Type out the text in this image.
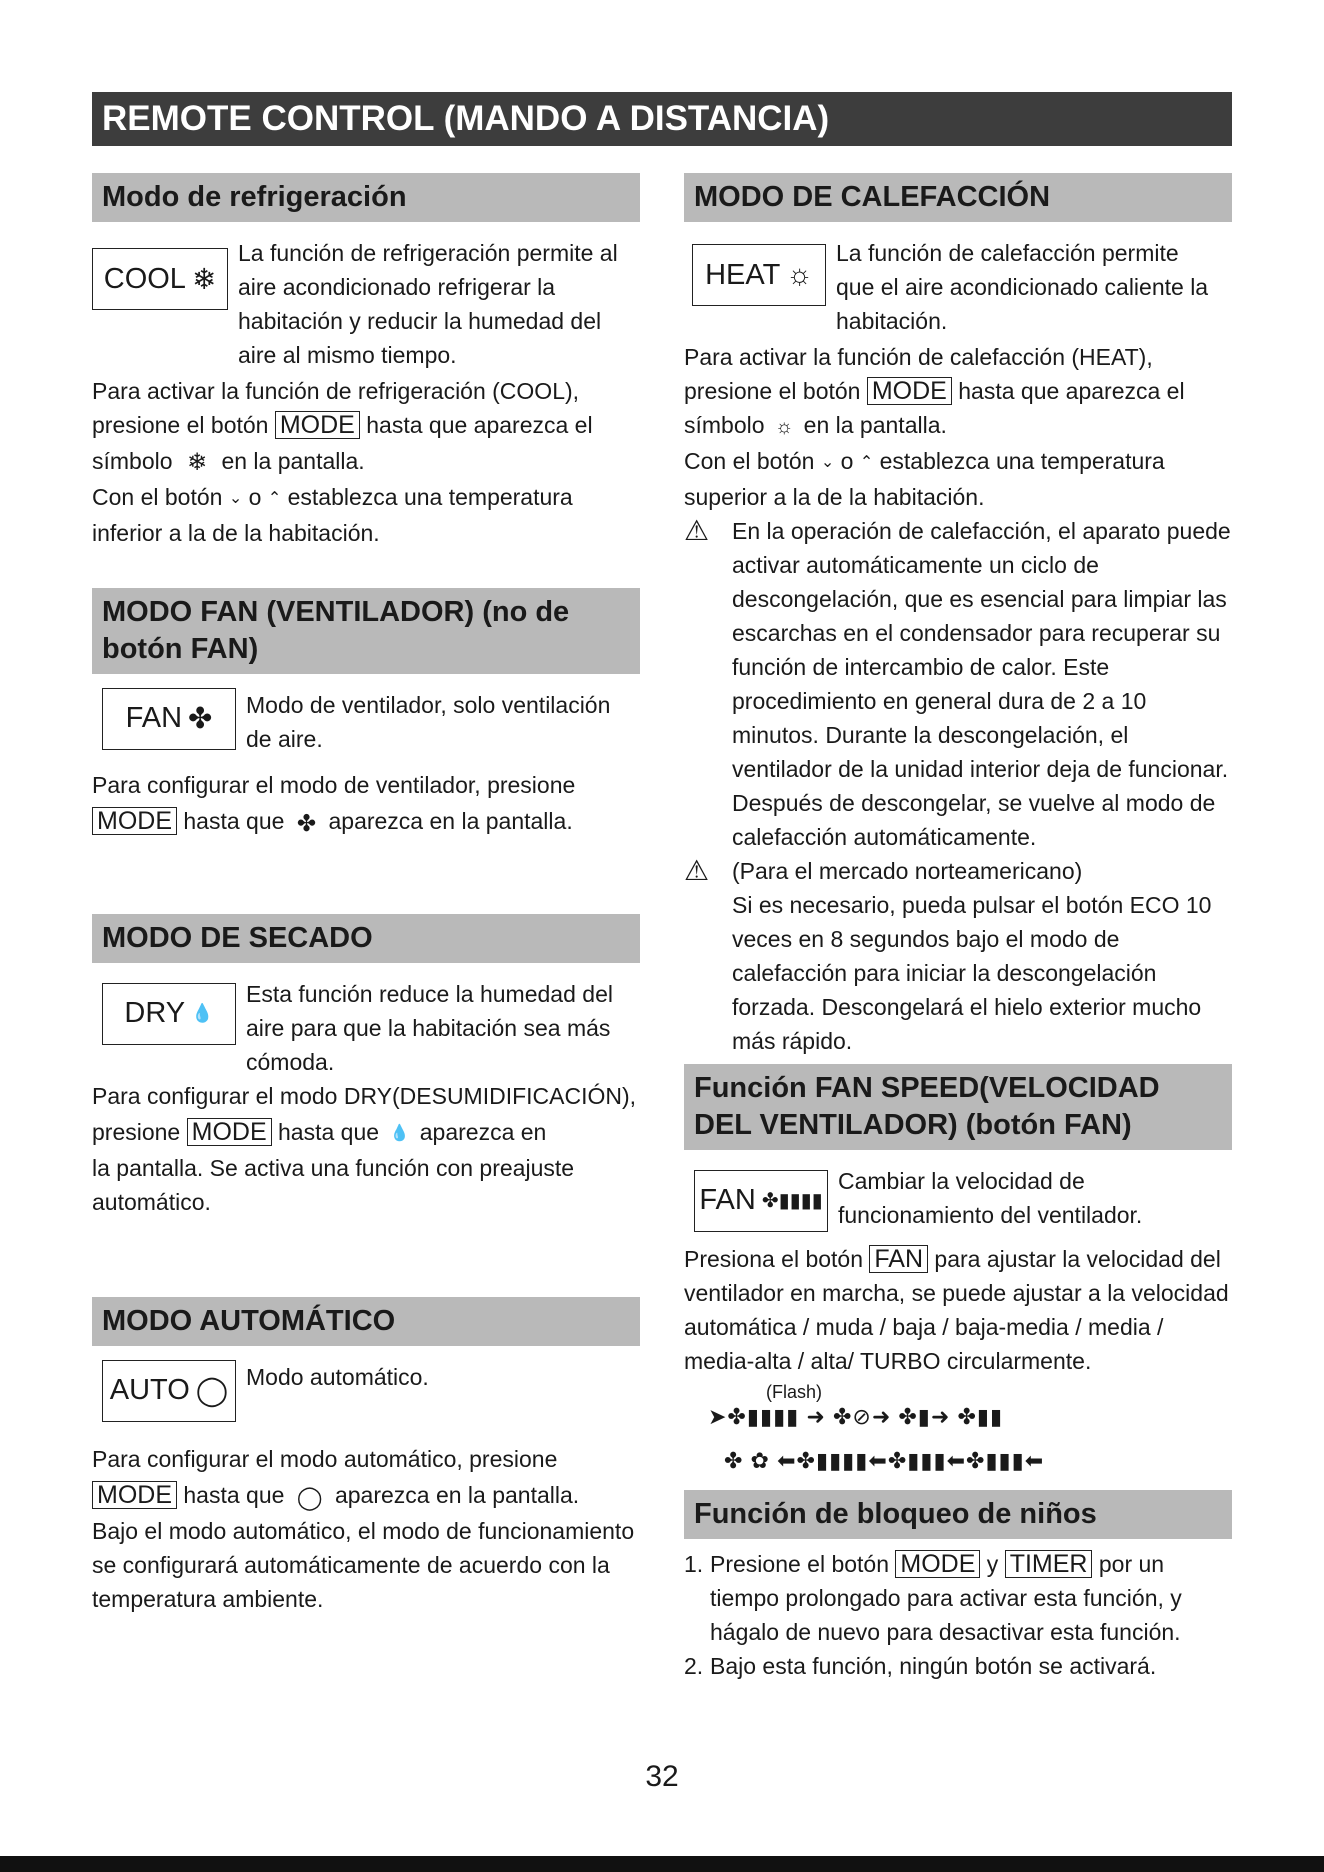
REMOTE CONTROL (MANDO A DISTANCIA)
Modo de refrigeración
COOL ❄
La función de refrigeración permite al aire acondicionado refrigerar la habitación y reducir la humedad del aire al mismo tiempo.

Para activar la función de refrigeración (COOL), presione el botón MODE hasta que aparezca el

símbolo ❄ en la pantalla.

Con el botón ⌄ o ⌃ establezca una temperatura inferior a la de la habitación.

MODO FAN (VENTILADOR) (no de botón FAN)
FAN ✤ Modo de ventilador, solo ventilación de aire.

Para configurar el modo de ventilador, presione

MODE hasta que ✤ aparezca en la pantalla.

MODO DE SECADO
DRY 💧
Esta función reduce la humedad del aire para que la habitación sea más cómoda.

Para configurar el modo DRY(DESUMIDIFICACIÓN),

presione MODE hasta que 💧 aparezca en

la pantalla. Se activa una función con preajuste automático.

MODO AUTOMÁTICO
AUTO ◯ Modo automático.

Para configurar el modo automático, presione

MODE hasta que ◯ aparezca en la pantalla.

Bajo el modo automático, el modo de funcionamiento se configurará automáticamente de acuerdo con la temperatura ambiente.

MODO DE CALEFACCIÓN
HEAT ☼
La función de calefacción permite que el aire acondicionado caliente la habitación.

Para activar la función de calefacción (HEAT),

presione el botón MODE hasta que aparezca el

símbolo ☼ en la pantalla.

Con el botón ⌄ o ⌃ establezca una temperatura superior a la de la habitación.

⚠ En la operación de calefacción, el aparato puede activar automáticamente un ciclo de descongelación, que es esencial para limpiar las escarchas en el condensador para recuperar su función de intercambio de calor. Este procedimiento en general dura de 2 a 10 minutos. Durante la descongelación, el ventilador de la unidad interior deja de funcionar. Después de descongelar, se vuelve al modo de calefacción automáticamente.

⚠ (Para el mercado norteamericano)

Si es necesario, pueda pulsar el botón ECO 10 veces en 8 segundos bajo el modo de calefacción para iniciar la descongelación forzada. Descongelará el hielo exterior mucho más rápido.

Función FAN SPEED(VELOCIDAD DEL VENTILADOR) (botón FAN)
FAN ✤▮▮▮▮
Cambiar la velocidad de funcionamiento del ventilador.

Presiona el botón FAN para ajustar la velocidad del ventilador en marcha, se puede ajustar a la velocidad automática / muda / baja / baja-media / media / media-alta / alta/ TURBO circularmente.

(Flash)
➤✤▮▮▮▮ ➜ ✤⊘➜ ✤▮➜ ✤▮▮
✤ ✿ ⬅✤▮▮▮▮⬅✤▮▮▮⬅✤▮▮▮⬅
Función de bloqueo de niños
1. Presione el botón MODE y TIMER por un tiempo prolongado para activar esta función, y hágalo de nuevo para desactivar esta función.

2. Bajo esta función, ningún botón se activará.

32
